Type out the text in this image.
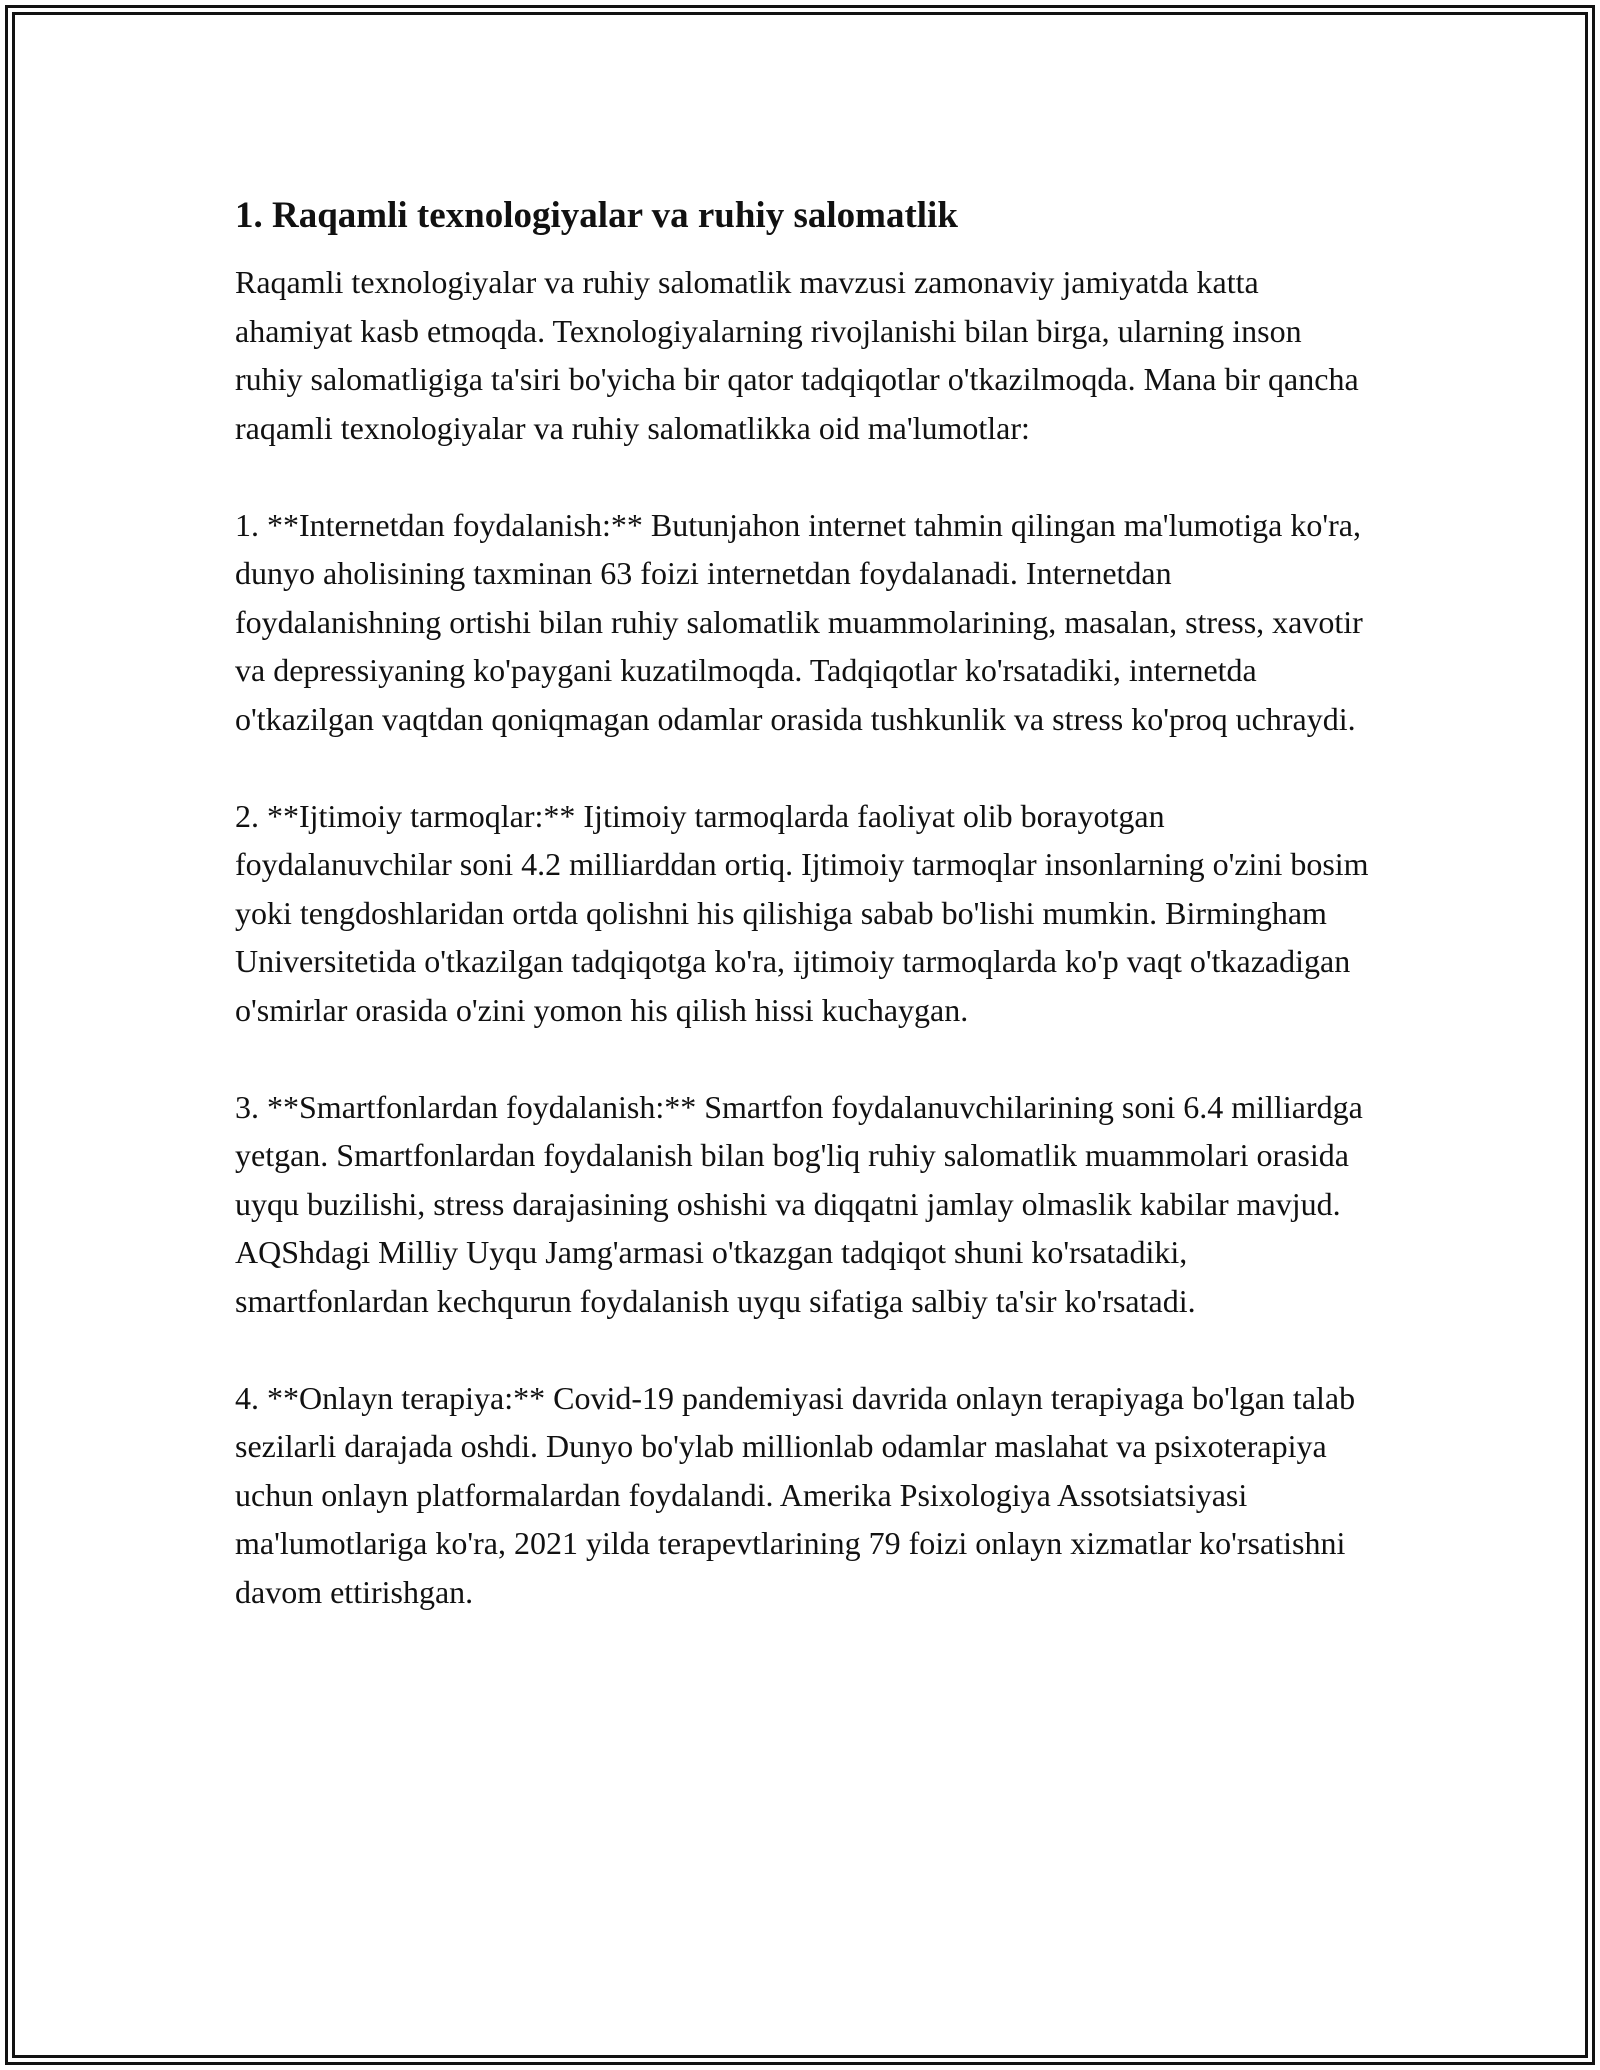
1. Raqamli texnologiyalar va ruhiy salomatlik

Raqamli texnologiyalar va ruhiy salomatlik mavzusi zamonaviy jamiyatda katta ahamiyat kasb etmoqda. Texnologiyalarning rivojlanishi bilan birga, ularning inson ruhiy salomatligiga ta'siri bo'yicha bir qator tadqiqotlar o'tkazilmoqda. Mana bir qancha raqamli texnologiyalar va ruhiy salomatlikka oid ma'lumotlar:

1. **Internetdan foydalanish:** Butunjahon internet tahmin qilingan ma'lumotiga ko'ra, dunyo aholisining taxminan 63 foizi internetdan foydalanadi. Internetdan foydalanishning ortishi bilan ruhiy salomatlik muammolarining, masalan, stress, xavotir va depressiyaning ko'paygani kuzatilmoqda. Tadqiqotlar ko'rsatadiki, internetda o'tkazilgan vaqtdan qoniqmagan odamlar orasida tushkunlik va stress ko'proq uchraydi.

2. **Ijtimoiy tarmoqlar:** Ijtimoiy tarmoqlarda faoliyat olib borayotgan foydalanuvchilar soni 4.2 milliarddan ortiq. Ijtimoiy tarmoqlar insonlarning o'zini bosim yoki tengdoshlaridan ortda qolishni his qilishiga sabab bo'lishi mumkin. Birmingham Universitetida o'tkazilgan tadqiqotga ko'ra, ijtimoiy tarmoqlarda ko'p vaqt o'tkazadigan o'smirlar orasida o'zini yomon his qilish hissi kuchaygan.

3. **Smartfonlardan foydalanish:** Smartfon foydalanuvchilarining soni 6.4 milliardga yetgan. Smartfonlardan foydalanish bilan bog'liq ruhiy salomatlik muammolari orasida uyqu buzilishi, stress darajasining oshishi va diqqatni jamlay olmaslik kabilar mavjud. AQShdagi Milliy Uyqu Jamg'armasi o'tkazgan tadqiqot shuni ko'rsatadiki, smartfonlardan kechqurun foydalanish uyqu sifatiga salbiy ta'sir ko'rsatadi.

4. **Onlayn terapiya:** Covid-19 pandemiyasi davrida onlayn terapiyaga bo'lgan talab sezilarli darajada oshdi. Dunyo bo'ylab millionlab odamlar maslahat va psixoterapiya uchun onlayn platformalardan foydalandi. Amerika Psixologiya Assotsiatsiyasi ma'lumotlariga ko'ra, 2021 yilda terapevtlarining 79 foizi onlayn xizmatlar ko'rsatishni davom ettirishgan.
